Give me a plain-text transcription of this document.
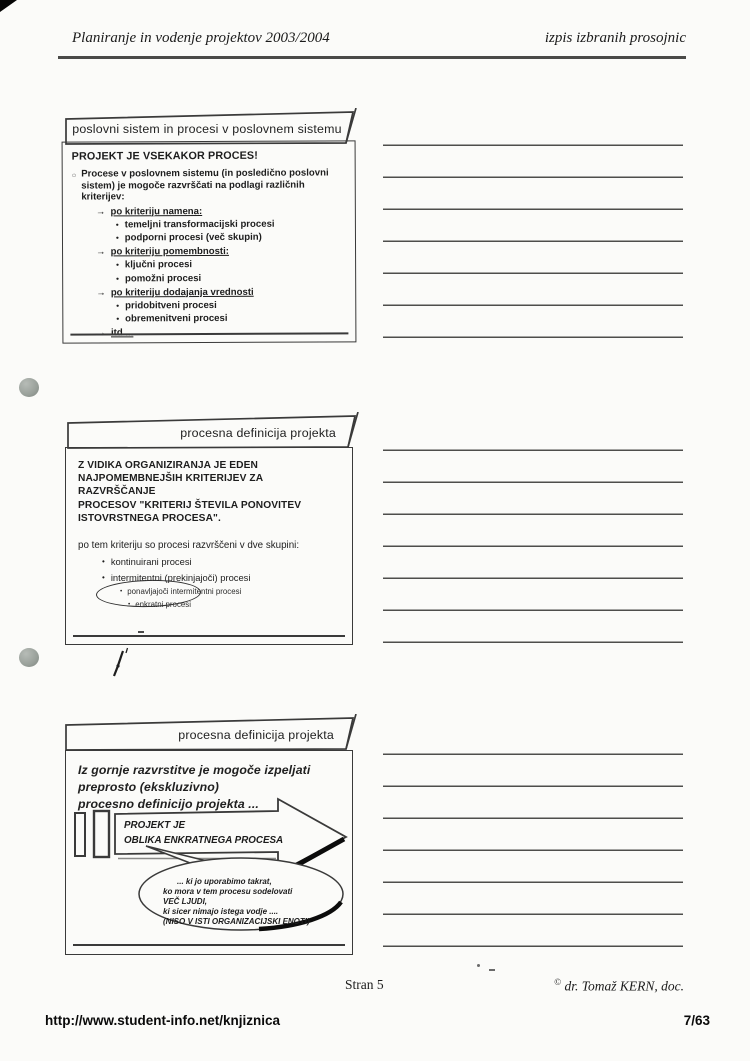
Planiranje in vodenje projektov 2003/2004	izpis izbranih prosojnic
poslovni sistem in procesi v poslovnem sistemu
PROJEKT JE VSEKAKOR PROCES!
○ Procese v poslovnem sistemu (in posledično poslovni sistem) je mogoče razvrščati na podlagi različnih kriterijev:
→ po kriteriju namena:
• temeljni transformacijski procesi
• podporni procesi (več skupin)
→ po kriteriju pomembnosti:
• ključni procesi
• pomožni procesi
→ po kriteriju dodajanja vrednosti
• pridobitveni procesi
• obremenitveni procesi
procesna definicija projekta
Z VIDIKA ORGANIZIRANJA JE EDEN
NAJPOMEMBNEJŠIH KRITERIJEV ZA RAZVRŠČANJE
PROCESOV "KRITERIJ ŠTEVILA PONOVITEV
ISTOVRSTNEGA PROCESA".
po tem kriteriju so procesi razvrščeni v dve skupini:
• kontinuirani procesi
• intermitentni (prekinjajoči) procesi
• ponavljajoči intermitentni procesi
• enkratni procesi
procesna definicija projekta
Iz gornje razvrstitve je mogoče izpeljati
preprosto (ekskluzivno)
procesno definicijo projekta ...
PROJEKT JE
OBLIKA ENKRATNEGA PROCESA
... ki jo uporabimo takrat,
ko mora v tem procesu sodelovati
VEČ LJUDI,
ki sicer nimajo istega vodje ....
(NISO V ISTI ORGANIZACIJSKI ENOTI)
Stran 5	© dr. Tomaž KERN, doc.
http://www.student-info.net/knjiznica	7/63
